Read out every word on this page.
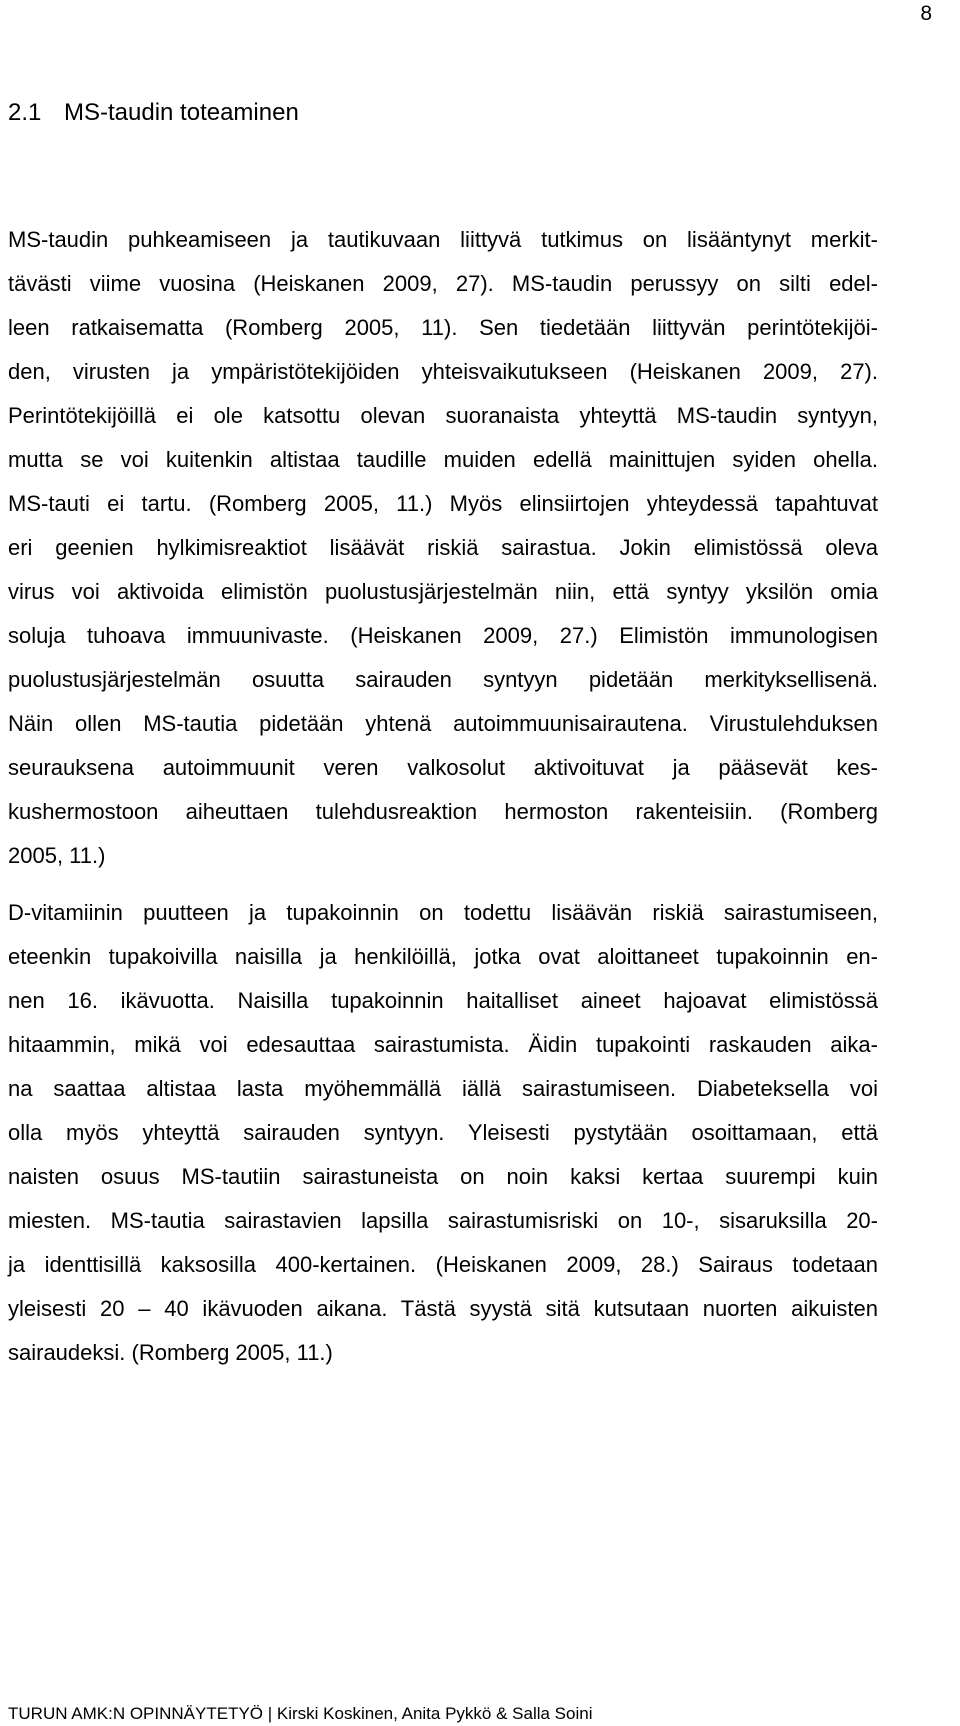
8
2.1 MS-taudin toteaminen

MS-taudin puhkeamiseen ja tautikuvaan liittyvä tutkimus on lisääntynyt merkit-
tävästi viime vuosina (Heiskanen 2009, 27). MS-taudin perussyy on silti edel-
leen ratkaisematta (Romberg 2005, 11). Sen tiedetään liittyvän perintötekijöi-
den, virusten ja ympäristötekijöiden yhteisvaikutukseen (Heiskanen 2009, 27).
Perintötekijöillä ei ole katsottu olevan suoranaista yhteyttä MS-taudin syntyyn,
mutta se voi kuitenkin altistaa taudille muiden edellä mainittujen syiden ohella.
MS-tauti ei tartu. (Romberg 2005, 11.) Myös elinsiirtojen yhteydessä tapahtuvat
eri geenien hylkimisreaktiot lisäävät riskiä sairastua. Jokin elimistössä oleva
virus voi aktivoida elimistön puolustusjärjestelmän niin, että syntyy yksilön omia
soluja tuhoava immuunivaste. (Heiskanen 2009, 27.) Elimistön immunologisen
puolustusjärjestelmän osuutta sairauden syntyyn pidetään merkityksellisenä.
Näin ollen MS-tautia pidetään yhtenä autoimmuunisairautena. Virustulehduksen
seurauksena autoimmuunit veren valkosolut aktivoituvat ja pääsevät kes-
kushermostoon aiheuttaen tulehdusreaktion hermoston rakenteisiin. (Romberg
2005, 11.)

D-vitamiinin puutteen ja tupakoinnin on todettu lisäävän riskiä sairastumiseen,
eteenkin tupakoivilla naisilla ja henkilöillä, jotka ovat aloittaneet tupakoinnin en-
nen 16. ikävuotta. Naisilla tupakoinnin haitalliset aineet hajoavat elimistössä
hitaammin, mikä voi edesauttaa sairastumista. Äidin tupakointi raskauden aika-
na saattaa altistaa lasta myöhemmällä iällä sairastumiseen. Diabeteksella voi
olla myös yhteyttä sairauden syntyyn. Yleisesti pystytään osoittamaan, että
naisten osuus MS-tautiin sairastuneista on noin kaksi kertaa suurempi kuin
miesten. MS-tautia sairastavien lapsilla sairastumisriski on 10-, sisaruksilla 20-
ja identtisillä kaksosilla 400-kertainen. (Heiskanen 2009, 28.) Sairaus todetaan
yleisesti 20 – 40 ikävuoden aikana. Tästä syystä sitä kutsutaan nuorten aikuisten
sairaudeksi. (Romberg 2005, 11.)

TURUN AMK:N OPINNÄYTETYÖ | Kirski Koskinen, Anita Pykkö & Salla Soini
